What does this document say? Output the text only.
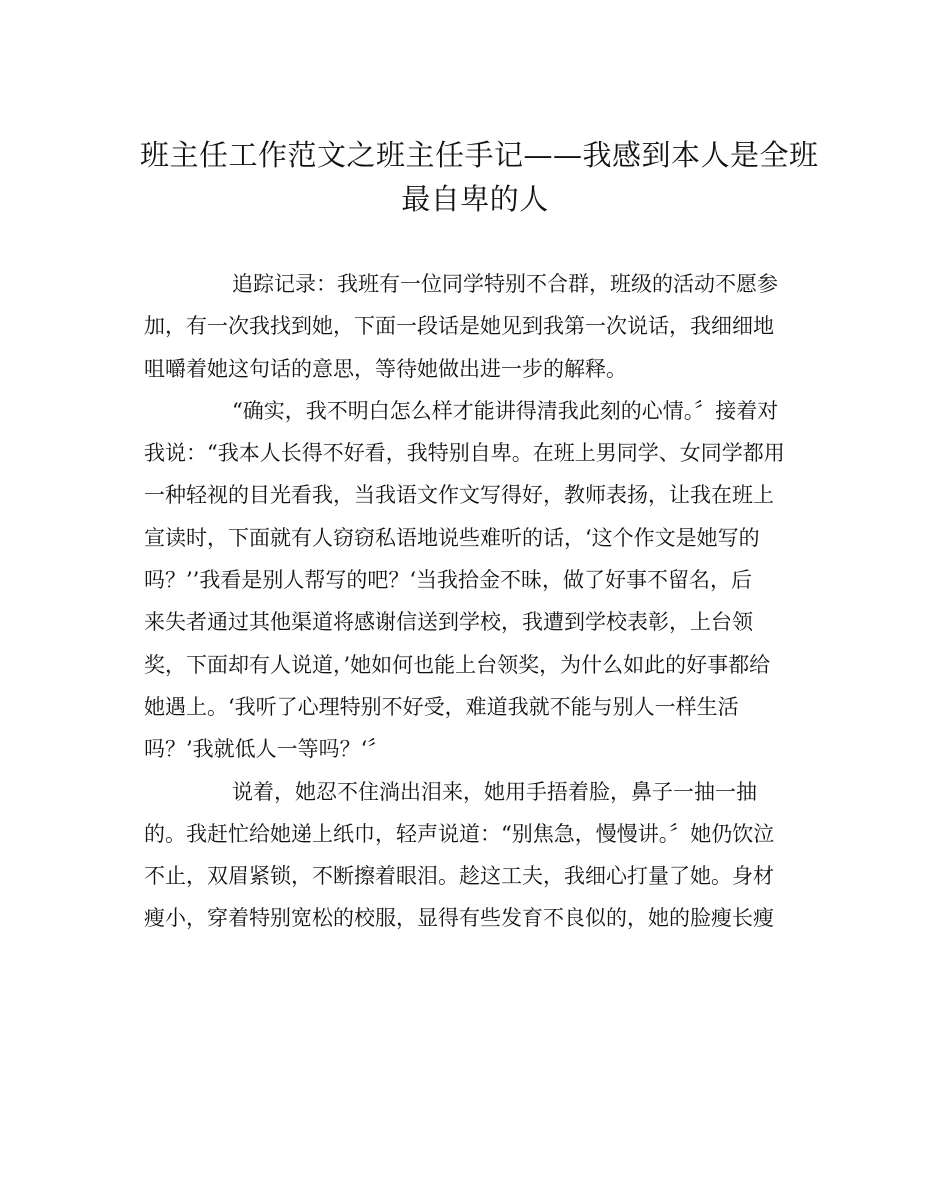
班主任工作范文之班主任手记——我感到本人是全班
最自卑的人
追踪记录：我班有一位同学特别不合群，班级的活动不愿参
加，有一次我找到她，下面一段话是她见到我第一次说话，我细细地
咀嚼着她这句话的意思，等待她做出进一步的解释。
“确实，我不明白怎么样才能讲得清我此刻的心情。〞接着对
我说：“我本人长得不好看，我特别自卑。在班上男同学、女同学都用
一种轻视的目光看我，当我语文作文写得好，教师表扬，让我在班上
宣读时，下面就有人窃窃私语地说些难听的话，‘这个作文是她写的
吗？’’我看是别人帮写的吧？‘当我拾金不昧，做了好事不留名，后
来失者通过其他渠道将感谢信送到学校，我遭到学校表彰，上台领
奖，下面却有人说道，’她如何也能上台领奖，为什么如此的好事都给
她遇上。‘我听了心理特别不好受，难道我就不能与别人一样生活
吗？’我就低人一等吗？‘〞
说着，她忍不住淌出泪来，她用手捂着脸，鼻子一抽一抽
的。我赶忙给她递上纸巾，轻声说道：“别焦急，慢慢讲。〞她仍饮泣
不止，双眉紧锁，不断擦着眼泪。趁这工夫，我细心打量了她。身材
瘦小，穿着特别宽松的校服，显得有些发育不良似的，她的脸瘦长瘦
